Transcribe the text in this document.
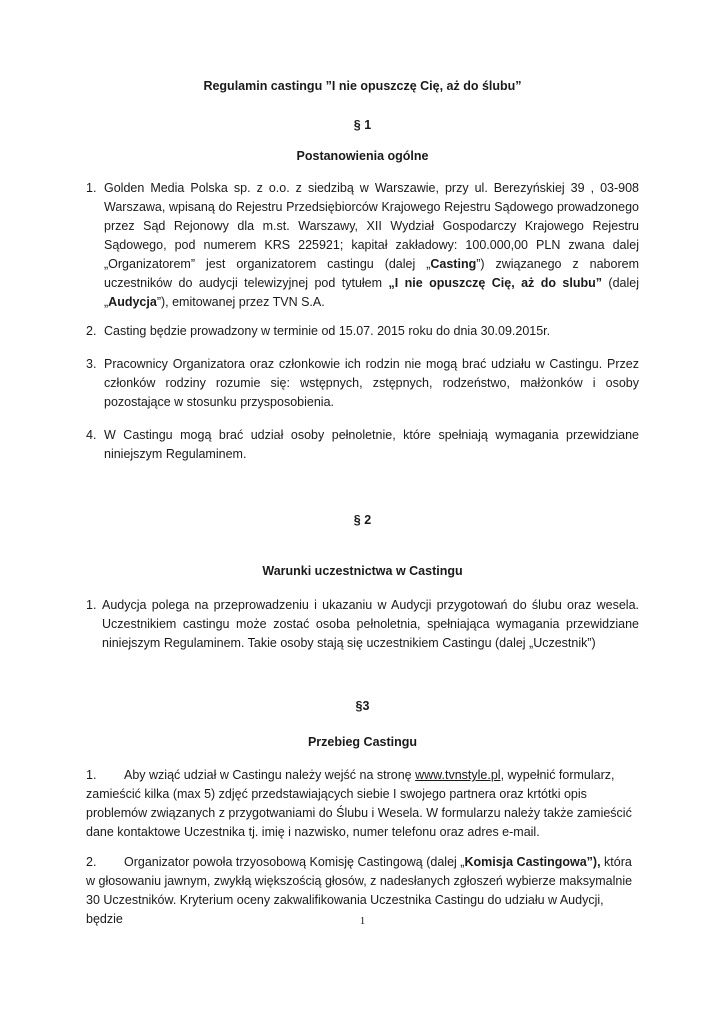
Regulamin castingu ”I nie opuszczę Cię, aż do ślubu”
§ 1
Postanowienia ogólne
1. Golden Media Polska sp. z o.o. z siedzibą w Warszawie, przy ul. Berezyńskiej 39 , 03-908 Warszawa, wpisaną do Rejestru Przedsiębiorców Krajowego Rejestru Sądowego prowadzonego przez Sąd Rejonowy dla m.st. Warszawy, XII Wydział Gospodarczy Krajowego Rejestru Sądowego, pod numerem KRS 225921; kapitał zakładowy: 100.000,00 PLN zwana dalej „Organizatorem” jest organizatorem castingu (dalej „Casting”) związanego z naborem uczestników do audycji telewizyjnej pod tytułem „I nie opuszczę Cię, aż do slubu” (dalej „Audycja”), emitowanej przez TVN S.A.
2. Casting będzie prowadzony w terminie od 15.07. 2015 roku do dnia 30.09.2015r.
3. Pracownicy Organizatora oraz członkowie ich rodzin nie mogą brać udziału w Castingu. Przez członków rodziny rozumie się: wstępnych, zstępnych, rodzeństwo, małżonków i osoby pozostające w stosunku przysposobienia.
4. W Castingu mogą brać udział osoby pełnoletnie, które spełniają wymagania przewidziane niniejszym Regulaminem.
§ 2
Warunki uczestnictwa w Castingu
1. Audycja polega na przeprowadzeniu i ukazaniu w Audycji przygotowań do ślubu oraz wesela. Uczestnikiem castingu może zostać osoba pełnoletnia, spełniająca wymagania przewidziane niniejszym Regulaminem. Takie osoby stają się uczestnikiem Castingu (dalej „Uczestnik”)
§3
Przebieg Castingu
1.	Aby wziąć udział w Castingu należy wejść na stronę www.tvnstyle.pl, wypełnić formularz, zamieścić kilka (max 5) zdjęć przedstawiających siebie I swojego partnera oraz krtótki opis problemów związanych z przygotwaniami do Ślubu i Wesela. W formularzu należy także zamieścić dane kontaktowe Uczestnika tj. imię i nazwisko, numer telefonu oraz adres e-mail.
2.	Organizator powoła trzyosobową Komisję Castingową (dalej „Komisja Castingowa”), która w głosowaniu jawnym, zwykłą większością głosów, z nadesłanych zgłoszeń wybierze maksymalnie 30 Uczestników. Kryterium oceny zakwalifikowania Uczestnika Castingu do udziału w Audycji, będzie	1
